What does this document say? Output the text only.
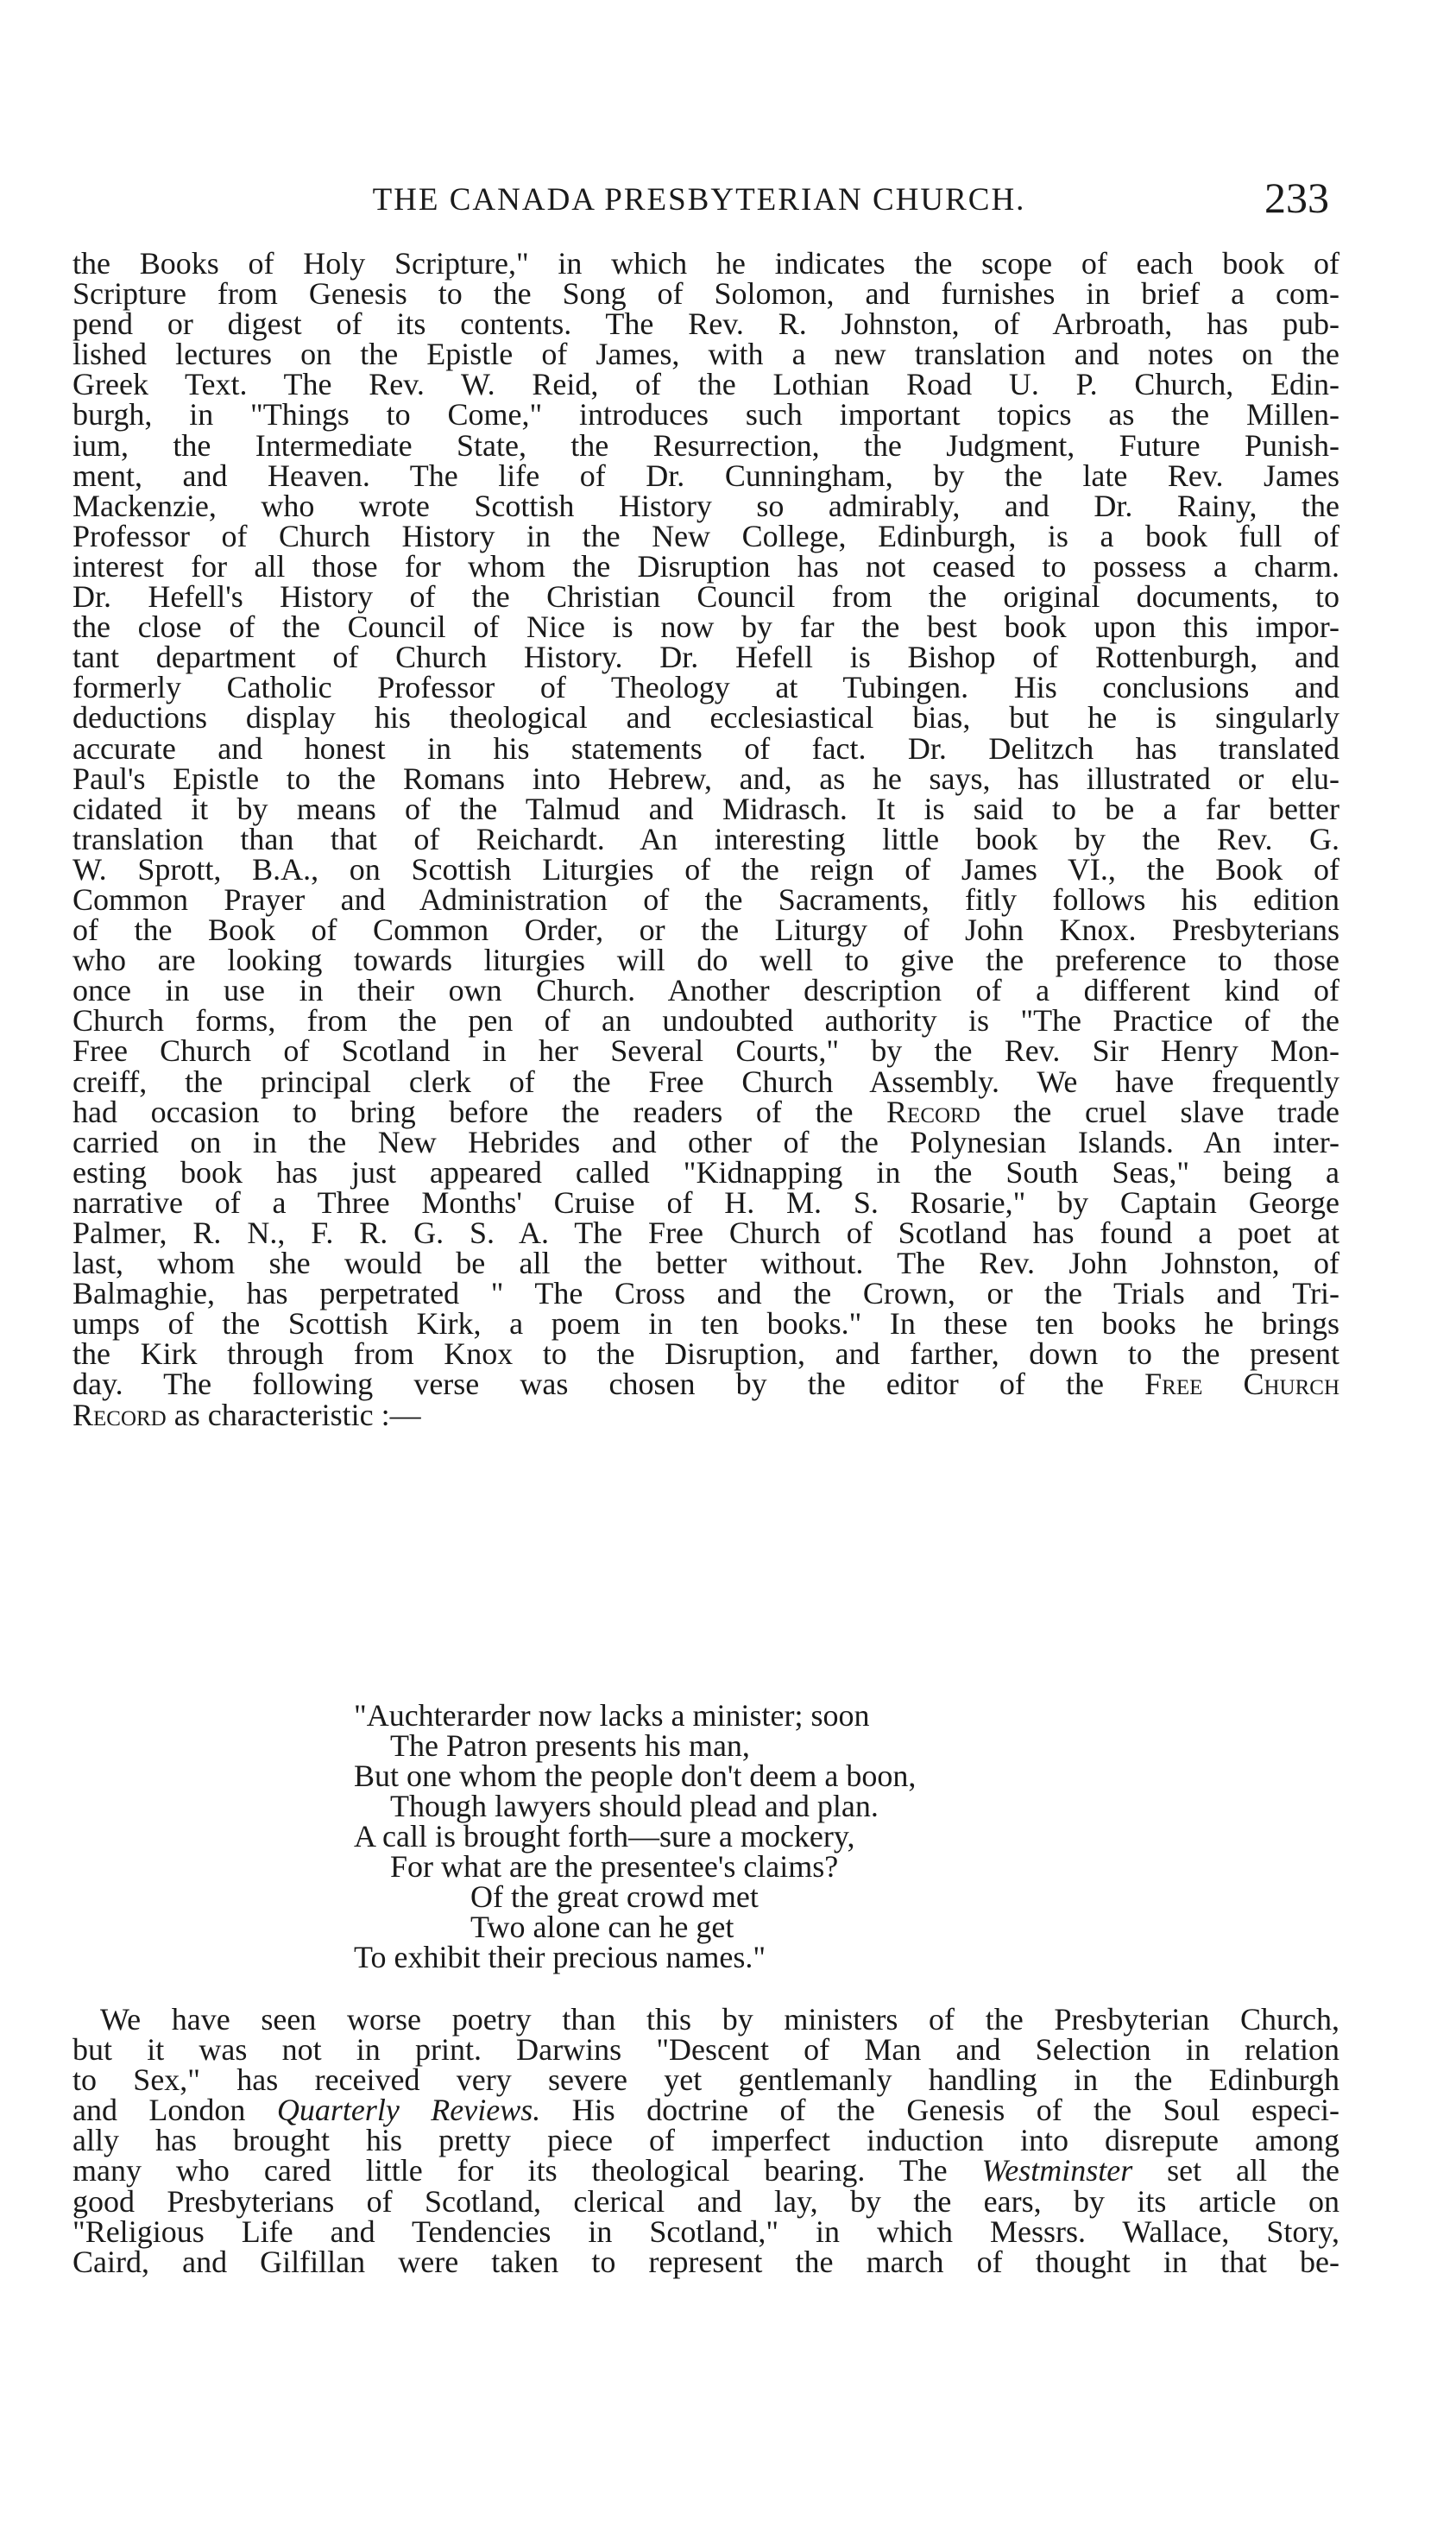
THE CANADA PRESBYTERIAN CHURCH.	233
the Books of Holy Scripture," in which he indicates the scope of each book of
Scripture from Genesis to the Song of Solomon, and furnishes in brief a com-
pend or digest of its contents. The Rev. R. Johnston, of Arbroath, has pub-
lished lectures on the Epistle of James, with a new translation and notes on the
Greek Text. The Rev. W. Reid, of the Lothian Road U. P. Church, Edin-
burgh, in "Things to Come," introduces such important topics as the Millen-
ium, the Intermediate State, the Resurrection, the Judgment, Future Punish-
ment, and Heaven. The life of Dr. Cunningham, by the late Rev. James
Mackenzie, who wrote Scottish History so admirably, and Dr. Rainy, the
Professor of Church History in the New College, Edinburgh, is a book full of
interest for all those for whom the Disruption has not ceased to possess a charm.
Dr. Hefell's History of the Christian Council from the original documents, to
the close of the Council of Nice is now by far the best book upon this impor-
tant department of Church History. Dr. Hefell is Bishop of Rottenburgh, and
formerly Catholic Professor of Theology at Tubingen. His conclusions and
deductions display his theological and ecclesiastical bias, but he is singularly
accurate and honest in his statements of fact. Dr. Delitzch has translated
Paul's Epistle to the Romans into Hebrew, and, as he says, has illustrated or elu-
cidated it by means of the Talmud and Midrasch. It is said to be a far better
translation than that of Reichardt. An interesting little book by the Rev. G.
W. Sprott, B.A., on Scottish Liturgies of the reign of James VI., the Book of
Common Prayer and Administration of the Sacraments, fitly follows his edition
of the Book of Common Order, or the Liturgy of John Knox. Presbyterians
who are looking towards liturgies will do well to give the preference to those
once in use in their own Church. Another description of a different kind of
Church forms, from the pen of an undoubted authority is "The Practice of the
Free Church of Scotland in her Several Courts," by the Rev. Sir Henry Mon-
creiff, the principal clerk of the Free Church Assembly. We have frequently
had occasion to bring before the readers of the Record the cruel slave trade
carried on in the New Hebrides and other of the Polynesian Islands. An inter-
esting book has just appeared called "Kidnapping in the South Seas," being a
narrative of a Three Months' Cruise of H. M. S. Rosarie," by Captain George
Palmer, R. N., F. R. G. S. A. The Free Church of Scotland has found a poet at
last, whom she would be all the better without. The Rev. John Johnston, of
Balmaghie, has perpetrated " The Cross and the Crown, or the Trials and Tri-
umps of the Scottish Kirk, a poem in ten books." In these ten books he brings
the Kirk through from Knox to the Disruption, and farther, down to the present
day. The following verse was chosen by the editor of the Free Church
Record as characteristic :—
"Auchterarder now lacks a minister; soon
The Patron presents his man,
But one whom the people don't deem a boon,
Though lawyers should plead and plan.
A call is brought forth—sure a mockery,
For what are the presentee's claims?
Of the great crowd met
Two alone can he get
To exhibit their precious names."
We have seen worse poetry than this by ministers of the Presbyterian Church,
but it was not in print. Darwins "Descent of Man and Selection in relation
to Sex," has received very severe yet gentlemanly handling in the Edinburgh
and London Quarterly Reviews. His doctrine of the Genesis of the Soul especi-
ally has brought his pretty piece of imperfect induction into disrepute among
many who cared little for its theological bearing. The Westminster set all the
good Presbyterians of Scotland, clerical and lay, by the ears, by its article on
"Religious Life and Tendencies in Scotland," in which Messrs. Wallace, Story,
Caird, and Gilfillan were taken to represent the march of thought in that be-
